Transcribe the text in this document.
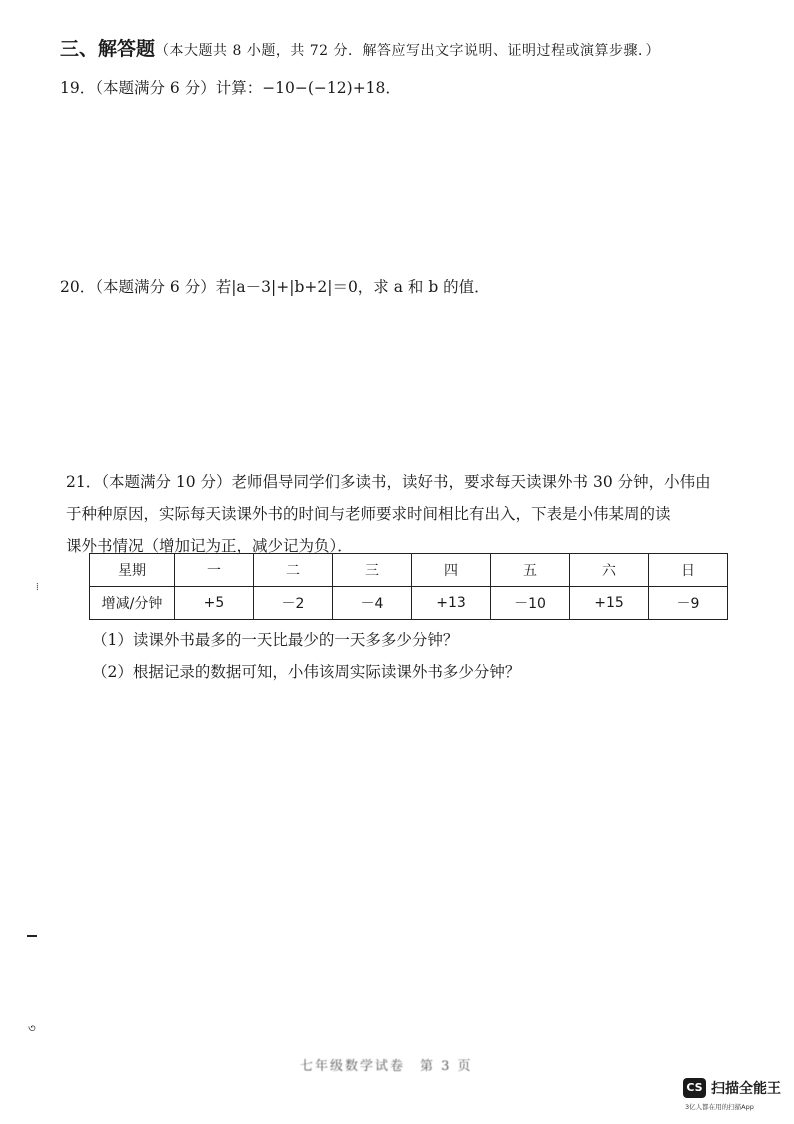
三、解答题（本大题共 8 小题，共 72 分．解答应写出文字说明、证明过程或演算步骤．）
19．（本题满分 6 分）计算：−10−(−12)+18．
20．（本题满分 6 分）若|a－3|+|b+2|＝0，求 a 和 b 的值．

21．（本题满分 10 分）老师倡导同学们多读书，读好书，要求每天读课外书 30 分钟，小伟由

于种种原因，实际每天读课外书的时间与老师要求时间相比有出入，下表是小伟某周的读

课外书情况（增加记为正，减少记为负）．

星期	一	二	三	四	五	六	日
增减/分钟	+5	－2	－4	+13	－10	+15	－9
（1）读课外书最多的一天比最少的一天多多少分钟？
（2）根据记录的数据可知，小伟该周实际读课外书多少分钟？
⁞
৩
七年级数学试卷　第 3 页
CS 扫描全能王
3亿人都在用的扫描App
